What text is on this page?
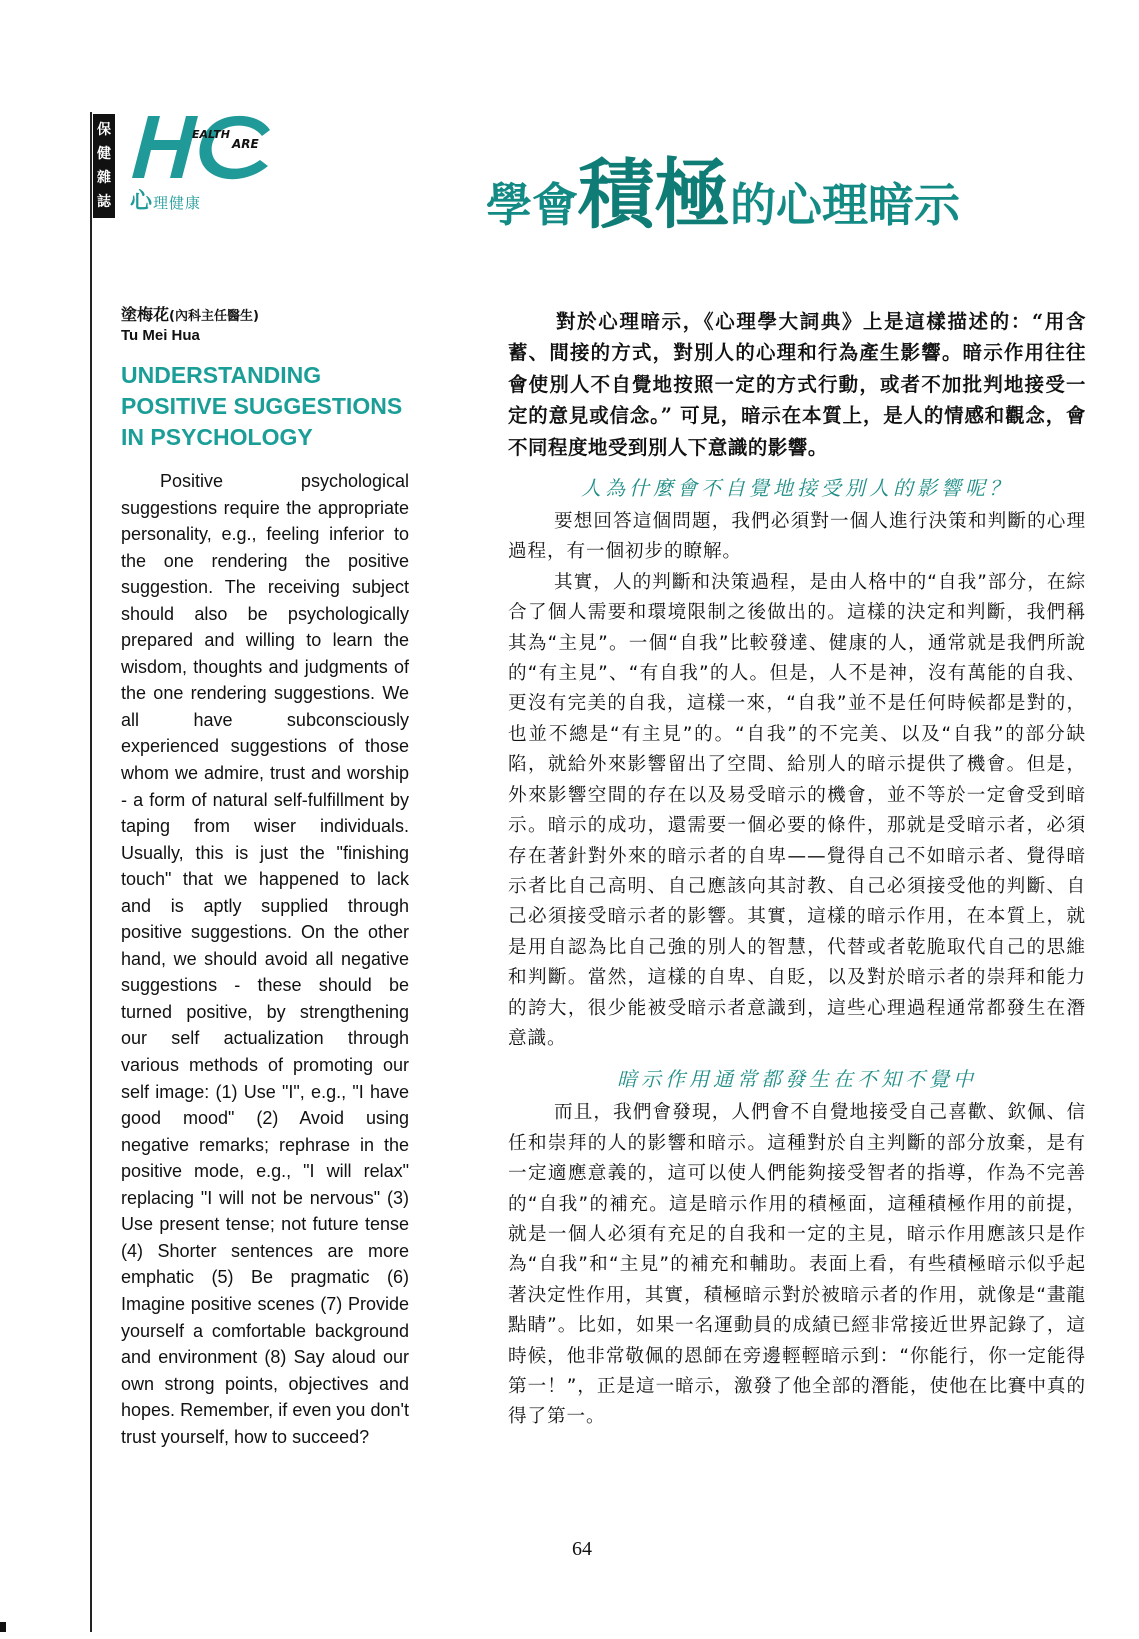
保
健
雜
誌
EALTH
ARE
心理健康	學會積極的心理暗示
塗梅花(內科主任醫生)
Tu Mei Hua
UNDERSTANDING POSITIVE SUGGESTIONS IN PSYCHOLOGY
Positive psychological suggestions require the appropriate personality, e.g., feeling inferior to the one rendering the positive suggestion. The receiving subject should also be psychologically prepared and willing to learn the wisdom, thoughts and judgments of the one rendering suggestions. We all have subconsciously experienced suggestions of those whom we admire, trust and worship - a form of natural self-fulfillment by taping from wiser individuals. Usually, this is just the "finishing touch" that we happened to lack and is aptly supplied through positive suggestions. On the other hand, we should avoid all negative suggestions - these should be turned positive, by strengthening our self actualization through various methods of promoting our self image: (1) Use "I", e.g., "I have good mood" (2) Avoid using negative remarks; rephrase in the positive mode, e.g., "I will relax" replacing "I will not be nervous" (3) Use present tense; not future tense (4) Shorter sentences are more emphatic (5) Be pragmatic (6) Imagine positive scenes (7) Provide yourself a comfortable background and environment (8) Say aloud our own strong points, objectives and hopes. Remember, if even you don't trust yourself, how to succeed?

對於心理暗示，《心理學大詞典》上是這樣描述的：“用含蓄、間接的方式，對別人的心理和行為產生影響。暗示作用往往會使別人不自覺地按照一定的方式行動，或者不加批判地接受一定的意見或信念。” 可見，暗示在本質上，是人的情感和觀念，會不同程度地受到別人下意識的影響。

人為什麼會不自覺地接受別人的影響呢？

要想回答這個問題，我們必須對一個人進行決策和判斷的心理過程，有一個初步的瞭解。

其實，人的判斷和決策過程，是由人格中的“自我”部分，在綜合了個人需要和環境限制之後做出的。這樣的決定和判斷，我們稱其為“主見”。一個“自我”比較發達、健康的人，通常就是我們所說的“有主見”、“有自我”的人。但是，人不是神，沒有萬能的自我、更沒有完美的自我，這樣一來，“自我”並不是任何時候都是對的，也並不總是“有主見”的。“自我”的不完美、以及“自我”的部分缺陷，就給外來影響留出了空間、給別人的暗示提供了機會。但是，外來影響空間的存在以及易受暗示的機會，並不等於一定會受到暗示。暗示的成功，還需要一個必要的條件，那就是受暗示者，必須存在著針對外來的暗示者的自卑——覺得自己不如暗示者、覺得暗示者比自己高明、自己應該向其討教、自己必須接受他的判斷、自己必須接受暗示者的影響。其實，這樣的暗示作用，在本質上，就是用自認為比自己強的別人的智慧，代替或者乾脆取代自己的思維和判斷。當然，這樣的自卑、自貶，以及對於暗示者的崇拜和能力的誇大，很少能被受暗示者意識到，這些心理過程通常都發生在潛意識。

暗示作用通常都發生在不知不覺中

而且，我們會發現，人們會不自覺地接受自己喜歡、欽佩、信任和崇拜的人的影響和暗示。這種對於自主判斷的部分放棄，是有一定適應意義的，這可以使人們能夠接受智者的指導，作為不完善的“自我”的補充。這是暗示作用的積極面，這種積極作用的前提，就是一個人必須有充足的自我和一定的主見，暗示作用應該只是作為“自我”和“主見”的補充和輔助。表面上看，有些積極暗示似乎起著決定性作用，其實，積極暗示對於被暗示者的作用，就像是“畫龍點睛”。比如，如果一名運動員的成績已經非常接近世界記錄了，這時候，他非常敬佩的恩師在旁邊輕輕暗示到：“你能行，你一定能得第一！”，正是這一暗示，激發了他全部的潛能，使他在比賽中真的得了第一。

64
